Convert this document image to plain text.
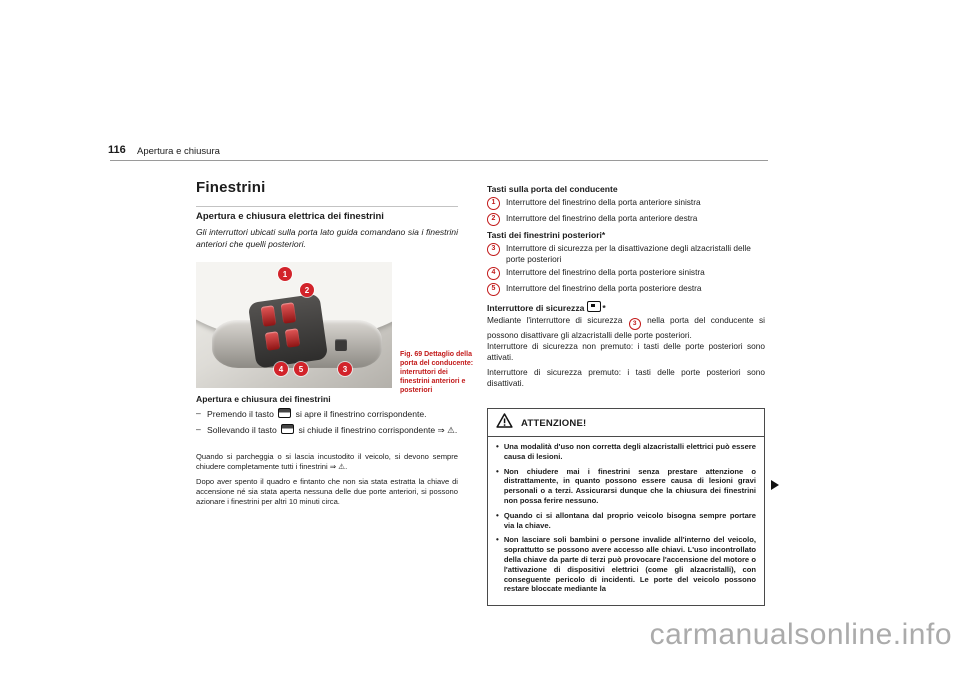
116 Apertura e chiusura
Finestrini
Apertura e chiusura elettrica dei finestrini
Gli interruttori ubicati sulla porta lato guida comandano sia i finestrini anteriori che quelli posteriori.
1
2
3
4	5
Fig. 69 Dettaglio della porta del conducente: interruttori dei finestrini anteriori e posteriori
Apertura e chiusura dei finestrini
– Premendo il tasto	si apre il finestrino corrispondente.
– Sollevando il tasto	si chiude il finestrino corrispondente ⇒ ⚠.
Quando si parcheggia o si lascia incustodito il veicolo, si devono sempre chiudere completamente tutti i finestrini ⇒ ⚠.
Dopo aver spento il quadro e fintanto che non sia stata estratta la chiave di accensione né sia stata aperta nessuna delle due porte anteriori, si possono azionare i finestrini per altri 10 minuti circa.
Tasti sulla porta del conducente
1	Interruttore del finestrino della porta anteriore sinistra
2	Interruttore del finestrino della porta anteriore destra
Tasti dei finestrini posteriori*
3	Interruttore di sicurezza per la disattivazione degli alzacristalli delle porte posteriori
4	Interruttore del finestrino della porta posteriore sinistra
5	Interruttore del finestrino della porta posteriore destra
Interruttore di sicurezza *
Mediante l'interruttore di sicurezza 3 nella porta del conducente si possono disattivare gli alzacristalli delle porte posteriori.
Interruttore di sicurezza non premuto: i tasti delle porte posteriori sono attivati.
Interruttore di sicurezza premuto: i tasti delle porte posteriori sono disattivati.
ATTENZIONE!
• Una modalità d'uso non corretta degli alzacristalli elettrici può essere causa di lesioni.
• Non chiudere mai i finestrini senza prestare attenzione o distrattamente, in quanto possono essere causa di lesioni gravi personali o a terzi. Assicurarsi dunque che la chiusura dei finestrini non possa ferire nessuno.
• Quando ci si allontana dal proprio veicolo bisogna sempre portare via la chiave.
• Non lasciare soli bambini o persone invalide all'interno del veicolo, soprattutto se possono avere accesso alle chiavi. L'uso incontrollato della chiave da parte di terzi può provocare l'accensione del motore o l'attivazione di dispositivi elettrici (come gli alzacristalli), con conseguente pericolo di incidenti. Le porte del veicolo possono restare bloccate mediante la
carmanualsonline.info
